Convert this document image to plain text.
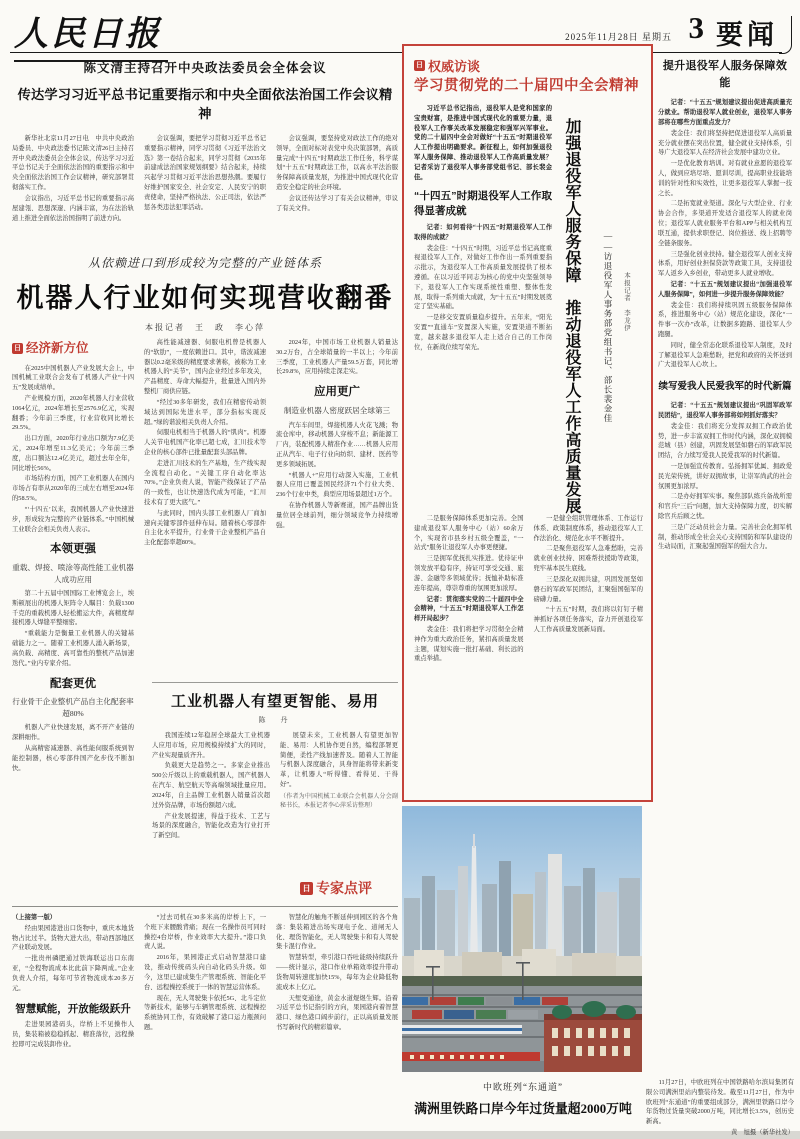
人民日报	2025年11月28日 星期五 3 要闻
陈文清主持召开中央政法委员会全体会议
传达学习习近平总书记重要指示和中央全面依法治国工作会议精神

新华社北京11月27日电　中共中央政治局委员、中央政法委书记陈文清26日主持召开中央政法委员会全体会议，传达学习习近平总书记关于全面依法治国的重要指示和中央全面依法治国工作会议精神，研究部署贯彻落实工作。

会议指出，习近平总书记的重要指示高屋建瓴、思想深邃、内涵丰富，为在法治轨道上推进全面依法治国指明了前进方向。

会议强调，要把学习贯彻习近平总书记重要指示精神，同学习贯彻《习近平法治文选》第一卷结合起来，同学习贯彻《2035年前建成法治国家规划纲要》结合起来，持续兴起学习贯彻习近平法治思想热潮。要履行好维护国家安全、社会安定、人民安宁的职责使命，坚持严格执法、公正司法，依法严惩各类违法犯罪活动。

会议强调，要坚持党对政法工作的绝对领导，全面对标对表党中央决策部署，高质量完成“十四五”时期政法工作任务，科学谋划“十五五”时期政法工作，以高水平法治服务保障高质量发展，为推进中国式现代化营造安全稳定的社会环境。

会议还传达学习了有关会议精神，审议了有关文件。

从依赖进口到形成较为完整的产业链体系
机器人行业如何实现营收翻番
本报记者　王　政　李心萍
日 经济新方位

在2025中国机器人产业发展大会上，中国机械工业联合会发布了机器人产业“十四五”发展成绩单。

产业规模方面，2020年机器人行业营收1064亿元，2024年增长至2576.9亿元，实现翻番；今年前三季度，行业营收同比增长29.5%。

出口方面，2020年行业出口额为7.9亿美元，2024年增至11.3亿美元；今年前三季度，出口额达12.4亿美元，超过去年全年，同比增长56%。

市场结构方面，国产工业机器人在国内市场占有率从2020年的三成左右增至2024年的58.5%。

“‘十四五’以来，我国机器人产业快速进步，形成较为完整的产业链体系。”中国机械工业联合会相关负责人表示。

本领更强
重载、焊接、喷涂等高性能工业机器人成功应用

第二十五届中国国际工业博览会上，埃斯顿展出的机器人矩阵令人瞩目：负载1300千克的重载机器人轻松搬运大件，高精度焊接机器人焊缝平整细密。

“重载能力是衡量工业机器人的关键基础能力之一。随着工业机器人涌入新场景，高负载、高精度、高可靠性的整机产品加速迭代。”业内专家介绍。

配套更优
行业骨干企业整机产品自主化配套率超80%

机器人产业快速发展，离不开产业链的深耕细作。

从高精密减速器、高性能伺服系统到智能控制器，核心零部件国产化步伐不断加快。

高性能减速器、伺服电机曾是机器人的“软肋”，一度依赖进口。其中，谐波减速器以0.2毫米级的精度要求著称，被称为工业机器人的“关节”，国内企业经过多年攻关，产品精度、寿命大幅提升，批量进入国内外整机厂商供应链。

“经过30多年研发，我们在精密传动领域达到国际先进水平，部分指标实现反超。”绿的谐波相关负责人介绍。

伺服电机相当于机器人的“肌肉”。机器人关节电机国产化率已超七成，汇川技术等企业的核心部件已批量配套头部品牌。

走进汇川技术的生产基地，生产线实现全流程自动化。“关键工序自动化率达70%。”企业负责人说，智能产线保证了产品的一致性，也让快速迭代成为可能，“汇川技术有了更大底气。”

与此同时，国内头部工业机器人厂商加速向关键零部件延伸布局。随着核心零部件自主化水平提升，行业骨干企业整机产品自主化配套率超80%。

2024年，中国市场工业机器人销量达30.2万台，占全球销量的一半以上；今年前三季度，工业机器人产量59.5万套，同比增长29.8%，应用持续走深走实。

应用更广
制造业机器人密度跃居全球第三

汽车车间里，焊接机器人火花飞溅；物流仓库中，移动机器人穿梭不息；新能源工厂内，装配机器人精准作业……机器人应用正从汽车、电子行业向纺织、建材、医药等更多领域拓展。

“机器人+”应用行动深入实施，工业机器人应用已覆盖国民经济71个行业大类、236个行业中类，典型应用场景超过1万个。

在协作机器人等新赛道，国产品牌出货量位居全球前列，细分领域竞争力持续增强。

工业机器人有望更智能、易用
陈　丹

我国连续12年稳居全球最大工业机器人应用市场，应用规模持续扩大的同时，产业实现量质齐升。

负载更大是趋势之一。多家企业推出500公斤级以上的重载机器人，国产机器人在汽车、航空航天等高端领域批量应用。2024年，自主品牌工业机器人销量首次超过外资品牌，市场份额超六成。

产业发展提速，得益于技术、工艺与场景的深度融合，智能化改造为行业打开了新空间。

展望未来，工业机器人有望更加智能、易用：人机协作更自然，编程部署更简便，柔性产线加速普及。随着人工智能与机器人深度融合，具身智能将带来新变革，让机器人“听得懂、看得见、干得好”。

（作者为中国机械工业联合会机器人分会副秘书长，本报记者李心萍采访整理）
日 专家点评

（上接第一版）

经由果园港进出口货物中，重庆本地货物占比过半。货物大进大出，带动西部地区产业联动发展。

一批贵州磷肥通过铁海联运出口东南亚，“全程物流成本比此前下降两成。”企业负责人介绍，每年可节省物流成本20多万元。

智慧赋能，开放能级跃升

走进果园港码头，岸桥上不见操作人员，集装箱被稳稳抓起、精准落位，远程操控即可完成装卸作业。

“过去司机在30多米高的岸桥上下，一个班下来腰酸背痛；现在一名操作员可同时操控4台岸桥，作业效率大大提升。”港口负责人说。

2016年，果园港正式启动智慧港口建设，推动传统码头向自动化码头升级。如今，这里已建成集生产管理系统、智能化平台、远程操控系统于一体的智慧运营体系。

现在，无人驾驶集卡依托5G、北斗定位等新技术，能够与车辆管理系统、远程操控系统协同工作，有效破解了港口运力瓶颈问题。

智慧化的触角不断延伸到园区的各个角落：集装箱进出场实现电子化、道闸无人化、理货智能化，无人驾驶集卡和有人驾驶集卡混行作业。

智慧转型，牵引港口吞吐能级持续跃升——统计显示，港口作业单箱效率提升带动货物周转速度加快15%，每年为企业降低物流成本上亿元。

天堑变通途，黄金水道煜煜生辉。沿着习近平总书记指引的方向，果园港向着智慧港口、绿色港口阔步前行，正以高质量发展书写新时代的精彩篇章。

日 权威访谈
学习贯彻党的二十届四中全会精神

习近平总书记指出，退役军人是党和国家的宝贵财富，是推进中国式现代化的重要力量，退役军人工作事关改革发展稳定和强军兴军事业。党的二十届四中全会对做好“十五五”时期退役军人工作提出明确要求。新征程上，如何加强退役军人服务保障、推动退役军人工作高质量发展？记者采访了退役军人事务部党组书记、部长裴金佳。

“十四五”时期退役军人工作取得显著成就

记者：如何看待“十四五”时期退役军人工作取得的成就？

裴金佳：“十四五”时期，习近平总书记高度重视退役军人工作，对做好工作作出一系列重要指示批示，为退役军人工作高质量发展提供了根本遵循。在以习近平同志为核心的党中央坚强领导下，退役军人工作实现系统性重塑、整体性发展，取得一系列重大成就，为“十五五”时期发展奠定了坚实基础。

一是移交安置质量稳步提升。五年来，“阳光安置”“直通车”安置深入实施，安置渠道不断拓宽，越来越多退役军人走上适合自己的工作岗位，在新战位续写荣光。	加强退役军人服务保障　推动退役军人工作高质量发展	——访退役军人事务部党组书记、部长裴金佳 本报记者　李龙伊

二是服务保障体系更加完善。全国建成退役军人服务中心（站）60余万个，实现省市县乡村五级全覆盖，“一站式”服务让退役军人办事更便捷。

三是拥军优抚扎实推进。优待证申领发放平稳有序，持证可享受交通、旅游、金融等多领域优待；抚恤补助标准连年提高，尊崇尊重的氛围更加浓厚。

记者：贯彻落实党的二十届四中全会精神，“十五五”时期退役军人工作怎样开局起步？

裴金佳：我们将把学习贯彻全会精神作为重大政治任务，紧扣高质量发展主题，谋划实施一批打基础、利长远的重点举措。

一是健全组织管理体系、工作运行体系、政策制度体系，推动退役军人工作法治化、规范化水平不断提升。

二是聚焦退役军人急难愁盼，完善就业创业扶持、困难帮扶援助等政策，兜牢基本民生底线。

三是深化双拥共建，巩固发展坚如磐石的军政军民团结，汇聚强国强军的磅礴力量。

“十五五”时期，我们将以钉钉子精神抓好各项任务落实，奋力开创退役军人工作高质量发展新局面。

提升退役军人服务保障效能

记者：“十五五”规划建议提出促进高质量充分就业。帮助退役军人就业创业，退役军人事务部将在哪些方面重点发力？

裴金佳：我们将坚持把促进退役军人高质量充分就业摆在突出位置，健全就业支持体系，引导广大退役军人在经济社会发展中建功立业。

一是优化教育培训。对有就业意愿的退役军人，做到应培尽培、愿训尽训，提高职业技能培训的针对性和实效性，让更多退役军人掌握一技之长。

二是拓宽就业渠道。深化与大型企业、行业协会合作，多渠道开发适合退役军人的就业岗位；退役军人就业服务平台和APP与相关机构互联互通，提供求职登记、岗位推送、线上招聘等全链条服务。

三是强化创业扶持。健全退役军人创业支持体系，用好创业担保贷款等政策工具，支持退役军人返乡入乡创业，带动更多人就业增收。

记者：“十五五”规划建议提出“加强退役军人服务保障”，如何进一步提升服务保障效能？

裴金佳：我们将持续巩固五级服务保障体系，推进服务中心（站）规范化建设，深化“一件事一次办”改革，让数据多跑路、退役军人少跑腿。

同时，健全常态化联系退役军人制度，及时了解退役军人急难愁盼，把党和政府的关怀送到广大退役军人心坎上。

续写爱我人民爱我军的时代新篇

记者：“十五五”规划建议提出“巩固军政军民团结”，退役军人事务部将如何抓好落实？

裴金佳：我们将充分发挥双拥工作政治优势，进一步丰富双拥工作时代内涵，深化双拥模范城（县）创建，巩固发展坚如磐石的军政军民团结，合力续写爱我人民爱我军的时代新篇。

一是加强宣传教育。弘扬拥军优属、拥政爱民光荣传统，讲好双拥故事，让崇军尚武的社会氛围更加浓厚。

二是办好拥军实事。聚焦部队练兵备战所需和官兵“三后”问题，加大支持保障力度，切实解除官兵后顾之忧。

三是广泛动员社会力量。完善社会化拥军机制，推动形成全社会关心支持国防和军队建设的生动局面，汇聚起强国强军的强大合力。

中欧班列“东通道”
满洲里铁路口岸今年过货量超2000万吨

11月27日，中欧班列在中国铁路哈尔滨局集团有限公司满洲里站内整装待发。截至11月27日，作为中欧班列“东通道”的重要组成部分，满洲里铁路口岸今年货物过货量突破2000万吨，同比增长3.5%，创历史新高。

黄　旭摄（新华社发）
